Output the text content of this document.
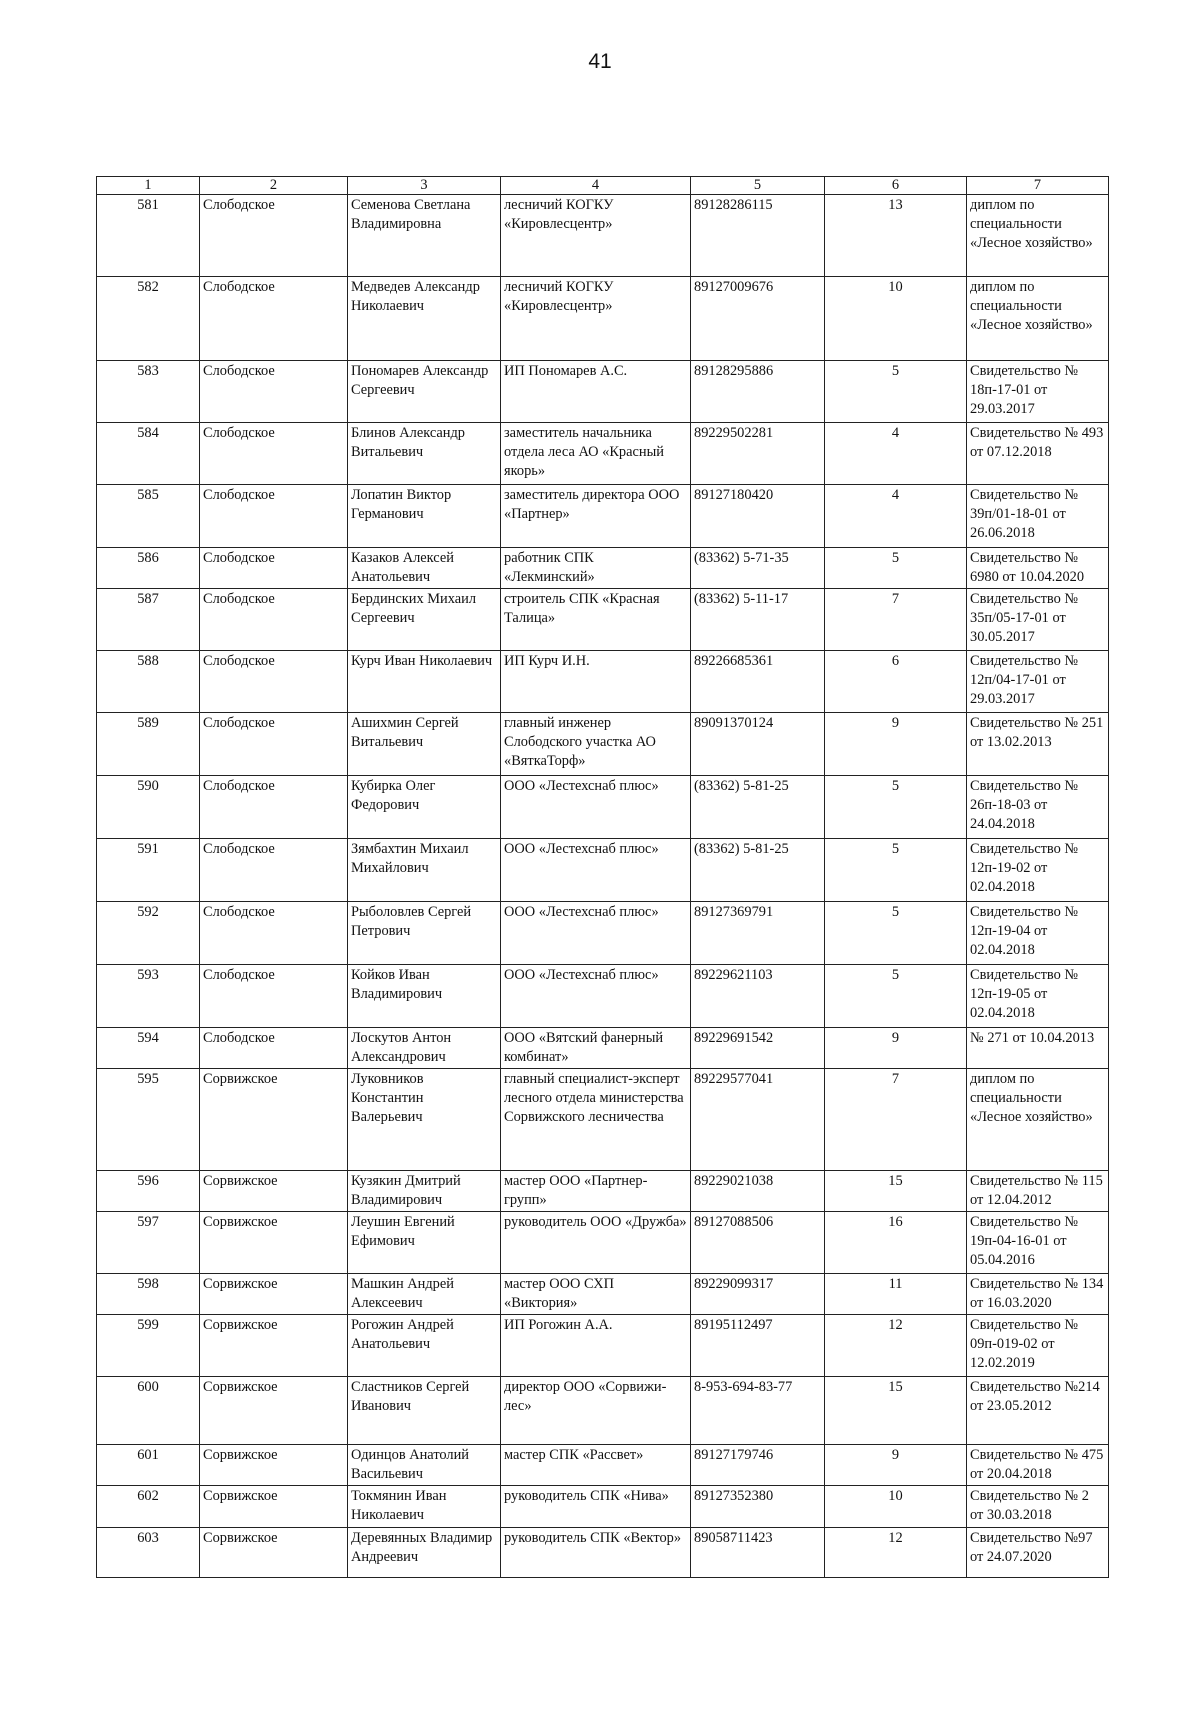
41
1	2	3	4	5	6	7
581	Слободское	Семенова Светлана Владимировна	лесничий КОГКУ «Кировлесцентр»	89128286115	13	диплом по специальности «Лесное хозяйство»
582	Слободское	Медведев Александр Николаевич	лесничий КОГКУ «Кировлесцентр»	89127009676	10	диплом по специальности «Лесное хозяйство»
583	Слободское	Пономарев Александр Сергеевич	ИП Пономарев А.С.	89128295886	5	Свидетельство № 18п-17-01 от 29.03.2017
584	Слободское	Блинов Александр Витальевич	заместитель начальника отдела леса АО «Красный якорь»	89229502281	4	Свидетельство № 493 от 07.12.2018
585	Слободское	Лопатин Виктор Германович	заместитель директора ООО «Партнер»	89127180420	4	Свидетельство № 39п/01-18-01 от 26.06.2018
586	Слободское	Казаков Алексей Анатольевич	работник СПК «Лекминский»	(83362) 5-71-35	5	Свидетельство № 6980 от 10.04.2020
587	Слободское	Бердинских Михаил Сергеевич	строитель СПК «Красная Талица»	(83362) 5-11-17	7	Свидетельство № 35п/05-17-01 от 30.05.2017
588	Слободское	Курч Иван Николаевич	ИП Курч И.Н.	89226685361	6	Свидетельство № 12п/04-17-01 от 29.03.2017
589	Слободское	Ашихмин Сергей Витальевич	главный инженер Слободского участка АО «ВяткаТорф»	89091370124	9	Свидетельство № 251 от 13.02.2013
590	Слободское	Кубирка Олег Федорович	ООО «Лестехснаб плюс»	(83362) 5-81-25	5	Свидетельство № 26п-18-03 от 24.04.2018
591	Слободское	Зямбахтин Михаил Михайлович	ООО «Лестехснаб плюс»	(83362) 5-81-25	5	Свидетельство № 12п-19-02 от 02.04.2018
592	Слободское	Рыболовлев Сергей Петрович	ООО «Лестехснаб плюс»	89127369791	5	Свидетельство № 12п-19-04 от 02.04.2018
593	Слободское	Койков Иван Владимирович	ООО «Лестехснаб плюс»	89229621103	5	Свидетельство № 12п-19-05 от 02.04.2018
594	Слободское	Лоскутов Антон Александрович	ООО «Вятский фанерный комбинат»	89229691542	9	№ 271 от 10.04.2013
595	Сорвижское	Луковников Константин Валерьевич	главный специалист-эксперт лесного отдела министерства Сорвижского лесничества	89229577041	7	диплом по специальности «Лесное хозяйство»
596	Сорвижское	Кузякин Дмитрий Владимирович	мастер ООО «Партнер-групп»	89229021038	15	Свидетельство № 115 от 12.04.2012
597	Сорвижское	Леушин Евгений Ефимович	руководитель ООО «Дружба»	89127088506	16	Свидетельство № 19п-04-16-01 от 05.04.2016
598	Сорвижское	Машкин Андрей Алексеевич	мастер ООО СХП «Виктория»	89229099317	11	Свидетельство № 134 от 16.03.2020
599	Сорвижское	Рогожин Андрей Анатольевич	ИП Рогожин А.А.	89195112497	12	Свидетельство № 09п-019-02 от 12.02.2019
600	Сорвижское	Сластников Сергей Иванович	директор ООО «Сорвижи-лес»	8-953-694-83-77	15	Свидетельство №214 от 23.05.2012
601	Сорвижское	Одинцов Анатолий Васильевич	мастер СПК «Рассвет»	89127179746	9	Свидетельство № 475 от 20.04.2018
602	Сорвижское	Токмянин Иван Николаевич	руководитель СПК «Нива»	89127352380	10	Свидетельство № 2 от 30.03.2018
603	Сорвижское	Деревянных Владимир Андреевич	руководитель СПК «Вектор»	89058711423	12	Свидетельство №97 от 24.07.2020
